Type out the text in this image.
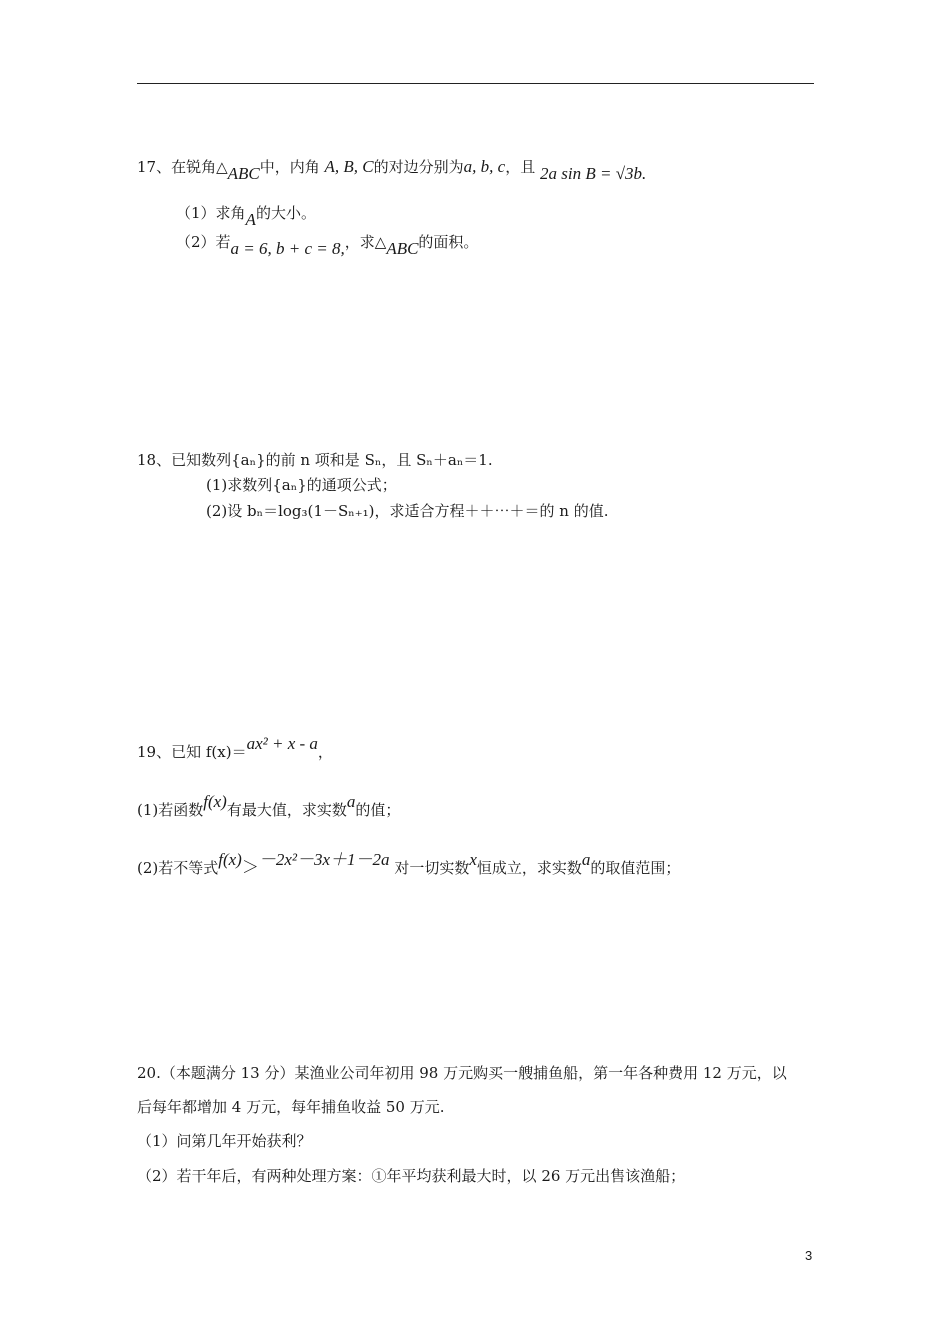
17、在锐角△ABC中，内角 A, B, C的对边分别为a, b, c，且 2a sin B = √3b.
（1）求角A的大小。
（2）若a = 6, b + c = 8,，求△ABC的面积。
18、已知数列{aₙ}的前 n 项和是 Sₙ，且 Sₙ＋aₙ＝1.
(1)求数列{aₙ}的通项公式；
(2)设 bₙ＝log₃(1－Sₙ₊₁)，求适合方程＋＋⋯＋＝的 n 的值.
19、已知 f(x)＝ax² + x - a，
(1)若函数f(x)有最大值，求实数a的值；
(2)若不等式f(x)＞－2x²－3x＋1－2a 对一切实数x恒成立，求实数a的取值范围；
20.（本题满分 13 分）某渔业公司年初用 98 万元购买一艘捕鱼船，第一年各种费用 12 万元，以
后每年都增加 4 万元，每年捕鱼收益 50 万元.
（1）问第几年开始获利？
（2）若干年后，有两种处理方案：①年平均获利最大时，以 26 万元出售该渔船；
3
